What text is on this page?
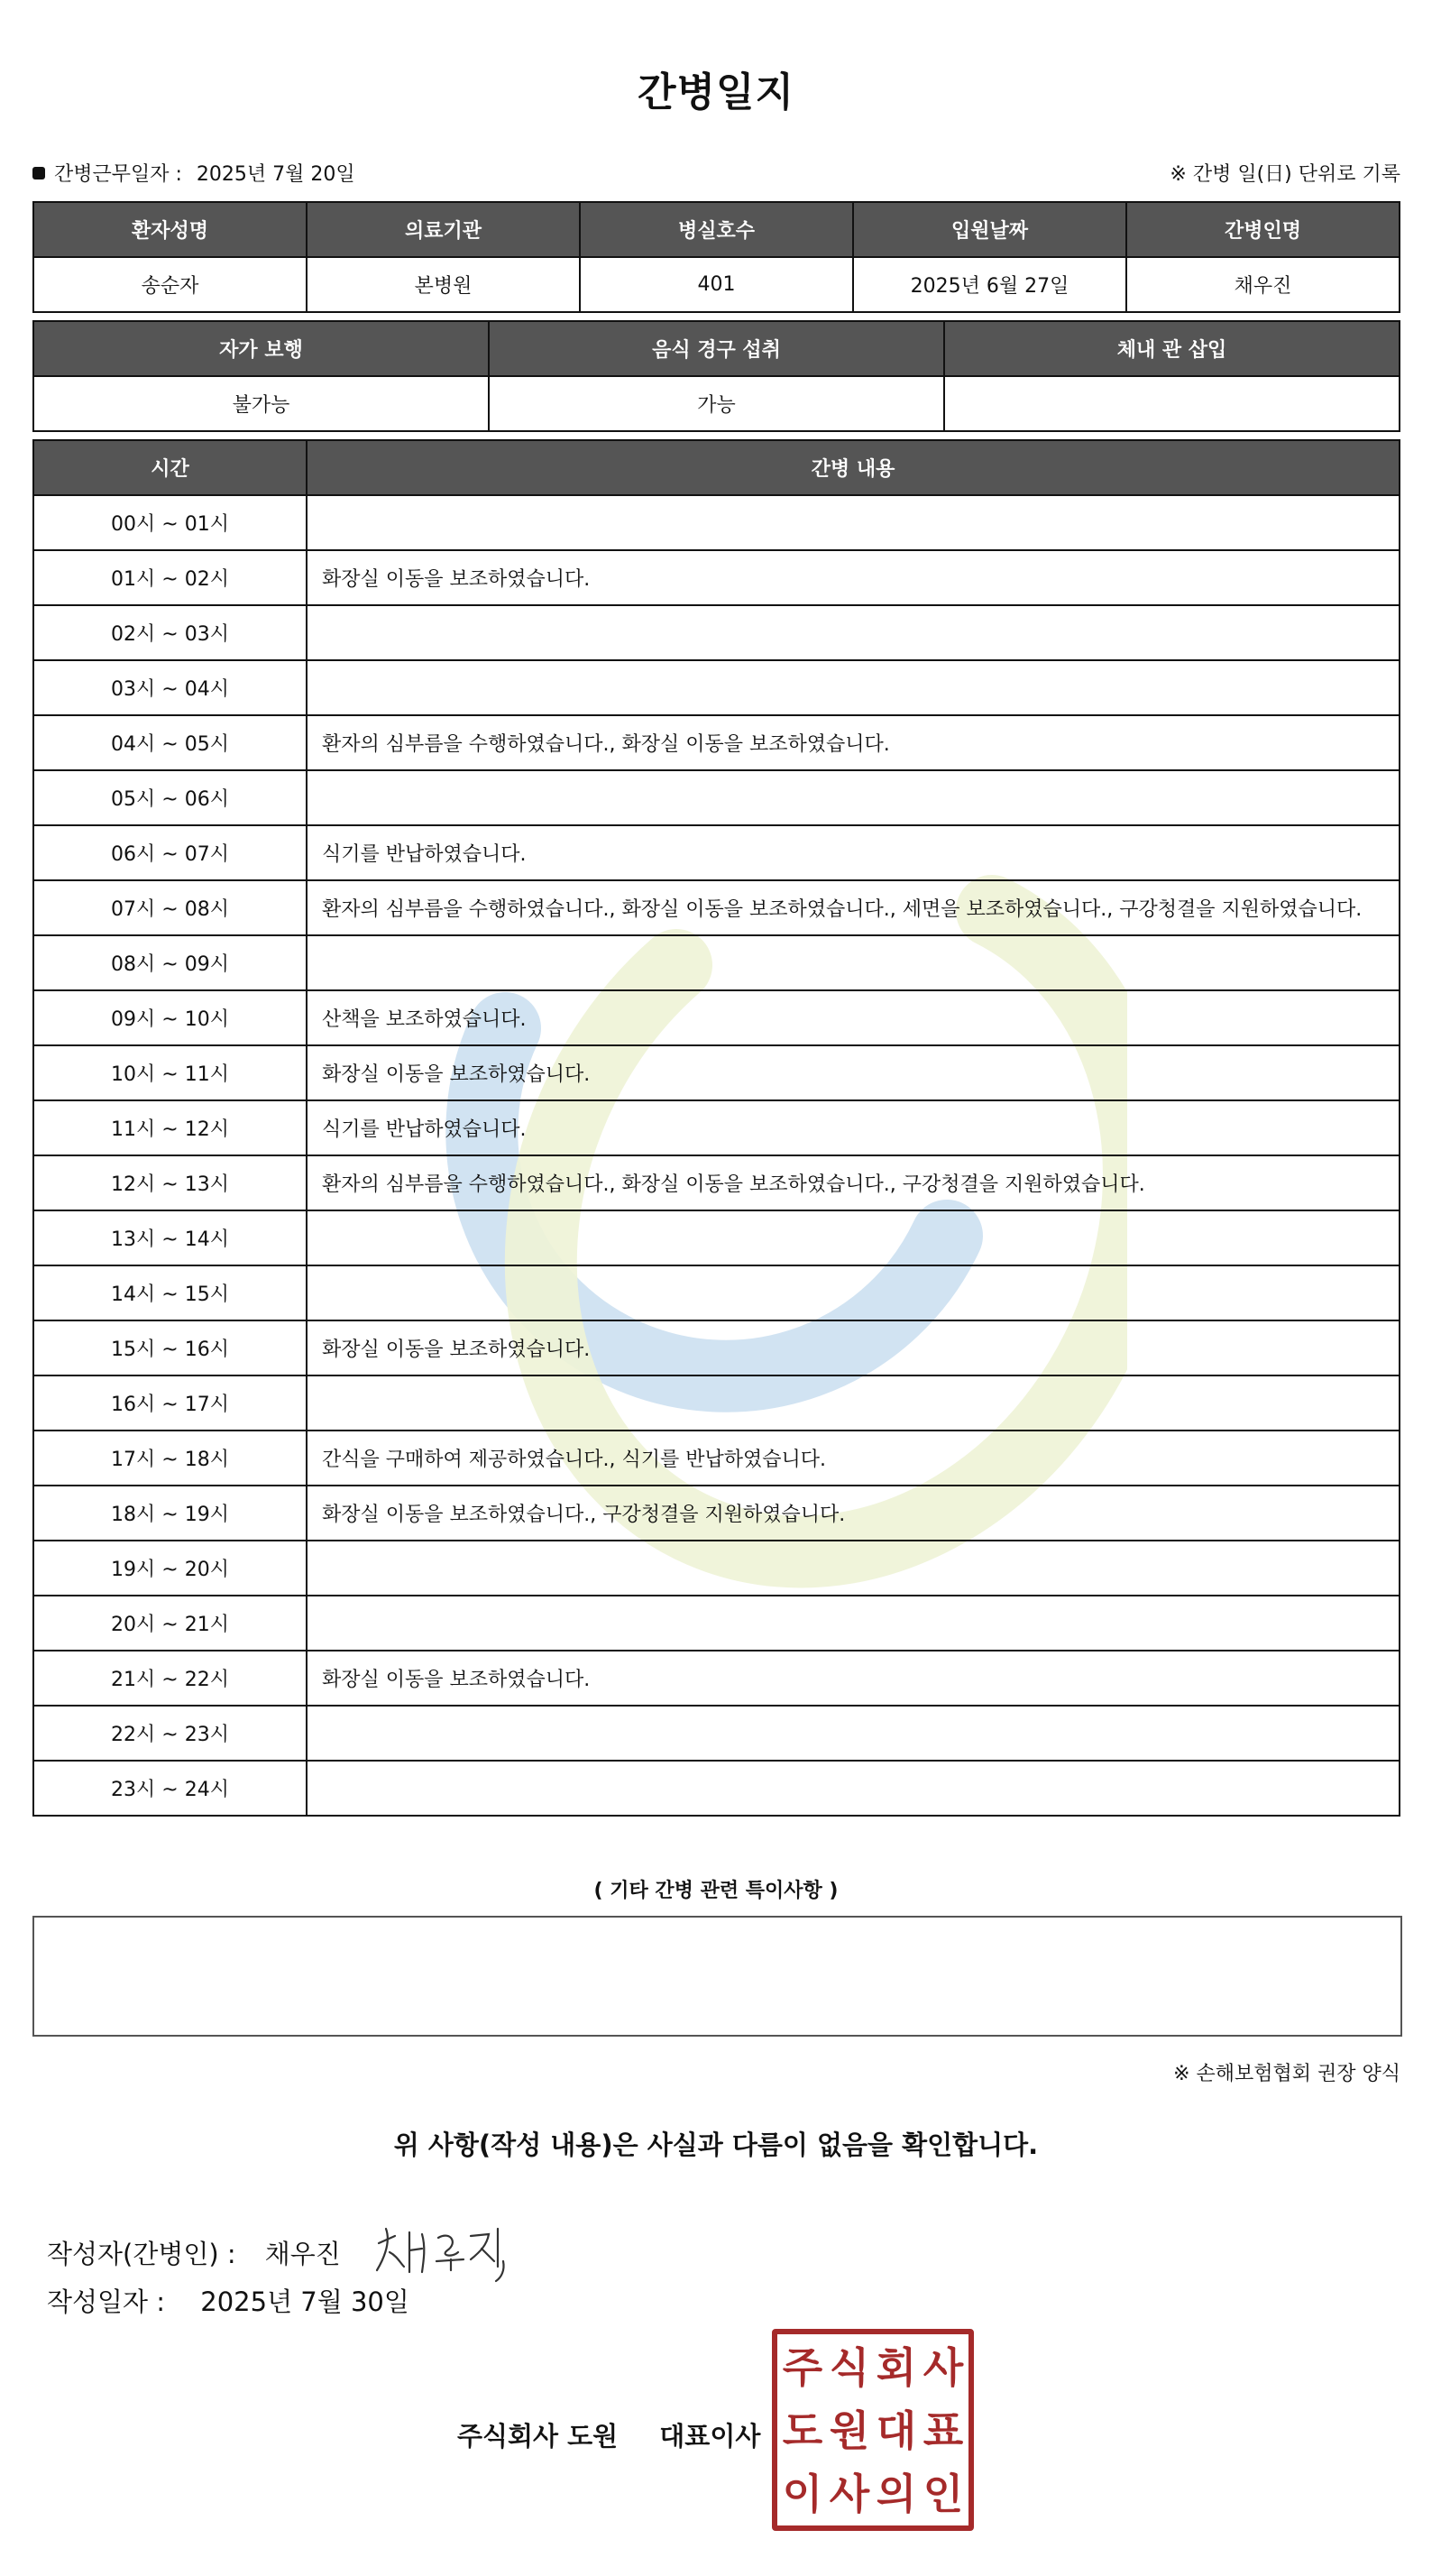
간병일지
간병근무일자 : 2025년 7월 20일	※ 간병 일(日) 단위로 기록
환자성명	의료기관	병실호수	입원날짜	간병인명
송순자	본병원	401	2025년 6월 27일	채우진
자가 보행	음식 경구 섭취	체내 관 삽입
불가능	가능	
시간	간병 내용
00시 ~ 01시	
01시 ~ 02시	화장실 이동을 보조하였습니다.
02시 ~ 03시	
03시 ~ 04시	
04시 ~ 05시	환자의 심부름을 수행하였습니다., 화장실 이동을 보조하였습니다.
05시 ~ 06시	
06시 ~ 07시	식기를 반납하였습니다.
07시 ~ 08시	환자의 심부름을 수행하였습니다., 화장실 이동을 보조하였습니다., 세면을 보조하였습니다., 구강청결을 지원하였습니다.
08시 ~ 09시	
09시 ~ 10시	산책을 보조하였습니다.
10시 ~ 11시	화장실 이동을 보조하였습니다.
11시 ~ 12시	식기를 반납하였습니다.
12시 ~ 13시	환자의 심부름을 수행하였습니다., 화장실 이동을 보조하였습니다., 구강청결을 지원하였습니다.
13시 ~ 14시	
14시 ~ 15시	
15시 ~ 16시	화장실 이동을 보조하였습니다.
16시 ~ 17시	
17시 ~ 18시	간식을 구매하여 제공하였습니다., 식기를 반납하였습니다.
18시 ~ 19시	화장실 이동을 보조하였습니다., 구강청결을 지원하였습니다.
19시 ~ 20시	
20시 ~ 21시	
21시 ~ 22시	화장실 이동을 보조하였습니다.
22시 ~ 23시	
23시 ~ 24시	
( 기타 간병 관련 특이사항 )
※ 손해보험협회 권장 양식
위 사항(작성 내용)은 사실과 다름이 없음을 확인합니다.
작성자(간병인) : 채우진
작성일자 : 2025년 7월 30일
주식회사 도원 대표이사
주 식 회 사
도 원 대 표
이 사 의 인
